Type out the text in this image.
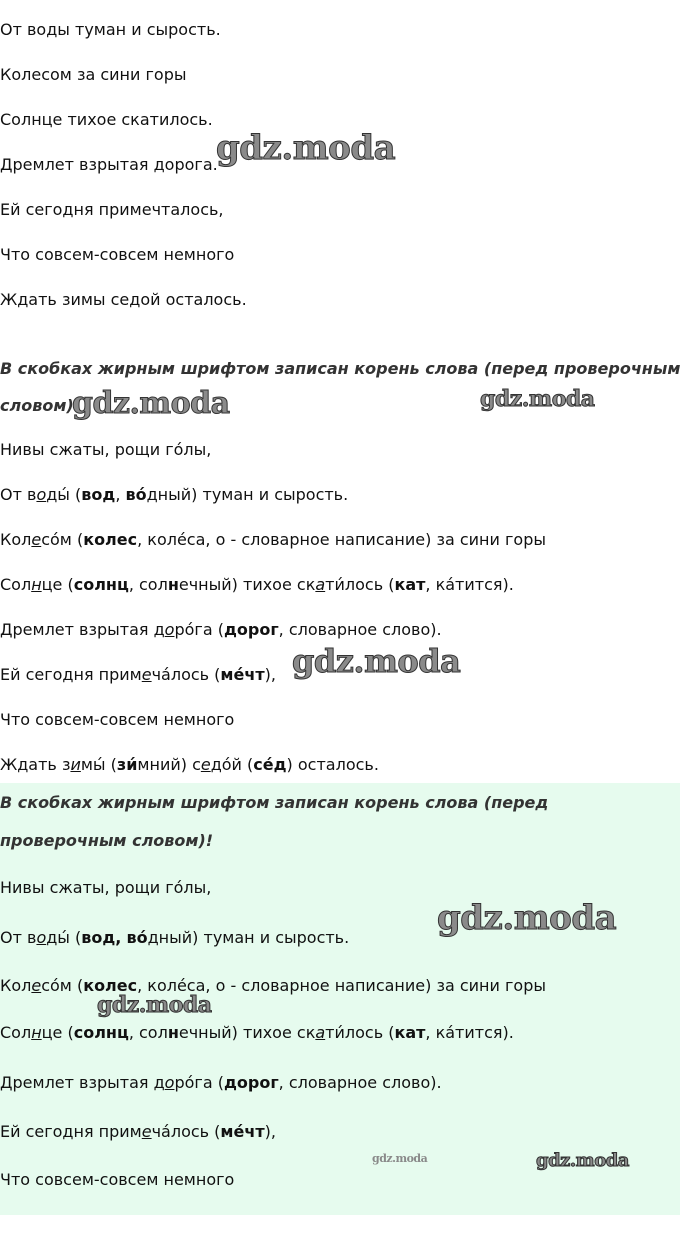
От воды туман и сырость.
Колесом за сини горы
Солнце тихое скатилось.
Дремлет взрытая дорога.
Ей сегодня примечталось,
Что совсем-совсем немного
Ждать зимы седой осталось.
В скобках жирным шрифтом записан корень слова (перед проверочным
словом)!
Нивы сжаты, рощи го́лы,
От воды́ (вод, во́дный) туман и сырость.
Колесо́м (колес, коле́са, о - словарное написание) за сини горы
Солнце (солнц, солнечный) тихое скати́лось (кат, ка́тится).
Дремлет взрытая доро́га (дорог, словарное слово).
Ей сегодня примеча́лось (ме́чт),
Что совсем-совсем немного
Ждать зимы́ (зи́мний) седо́й (се́д) осталось.
В скобках жирным шрифтом записан корень слова (перед
проверочным словом)!
Нивы сжаты, рощи го́лы,
От воды́ (вод, во́дный) туман и сырость.
Колесо́м (колес, коле́са, о - словарное написание) за сини горы
Солнце (солнц, солнечный) тихое скати́лось (кат, ка́тится).
Дремлет взрытая доро́га (дорог, словарное слово).
Ей сегодня примеча́лось (ме́чт),
Что совсем-совсем немного
gdz.moda
gdz.moda	gdz.moda
gdz.moda
gdz.moda
gdz.moda
gdz.moda	gdz.moda
